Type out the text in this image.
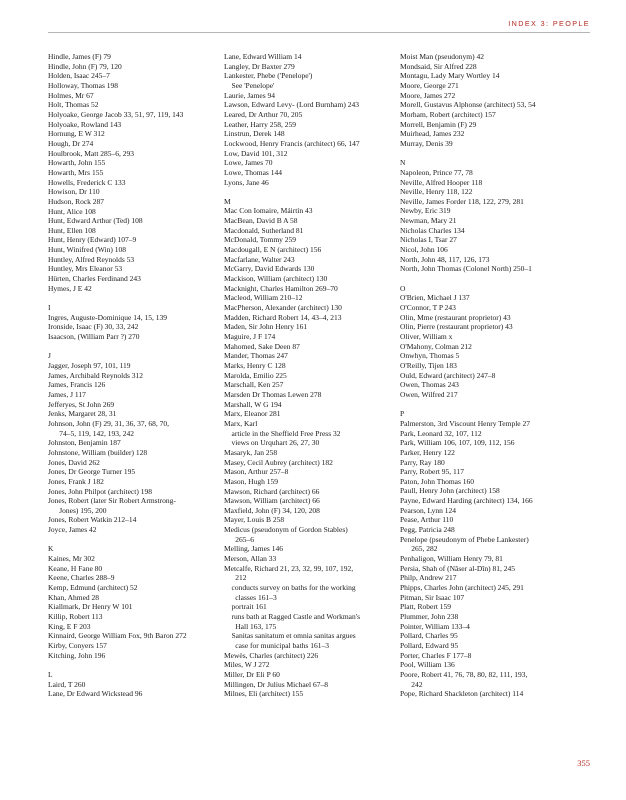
INDEX 3: PEOPLE
Hindle, James (F) 79
Hindle, John (F) 79, 120
Holden, Isaac 245–7
Holloway, Thomas 198
Holmes, Mr 67
Holt, Thomas 52
Holyoake, George Jacob 33, 51, 97, 119, 143
Holyoake, Rowland 143
Hornung, E W 312
Hough, Dr 274
Houlbrook, Matt 285–6, 293
Howarth, John 155
Howarth, Mrs 155
Howells, Frederick C 133
Howison, Dr 110
Hudson, Rock 287
Hunt, Alice 108
Hunt, Edward Arthur (Ted) 108
Hunt, Ellen 108
Hunt, Henry (Edward) 107–9
Hunt, Winifred (Win) 108
Huntley, Alfred Reynolds 53
Huntley, Mrs Eleanor 53
Hürten, Charles Ferdinand 243
Hymes, J E 42
I
Ingres, Auguste-Dominique 14, 15, 139
Ironside, Isaac (F) 30, 33, 242
Isaacson, (William Parr ?) 270
J
Jagger, Joseph 97, 101, 119
James, Archibald Reynolds 312
James, Francis 126
James, J 117
Jefferyes, St John 269
Jenks, Margaret 28, 31
Johnson, John (F) 29, 31, 36, 37, 68, 70,
74–5, 119, 142, 193, 242
Johnston, Benjamin 187
Johnstone, William (builder) 128
Jones, David 262
Jones, Dr George Turner 195
Jones, Frank J 182
Jones, John Philpot (architect) 198
Jones, Robert (later Sir Robert Armstrong-
Jones) 195, 200
Jones, Robert Watkin 212–14
Joyce, James 42
K
Kaines, Mr 302
Keane, H Fane 80
Keene, Charles 288–9
Kemp, Edmund (architect) 52
Khan, Ahmed 28
Kiallmark, Dr Henry W 101
Killip, Robert 113
King, E F 203
Kinnaird, George William Fox, 9th Baron 272
Kirby, Conyers 157
Kitching, John 196
L
Laird, T 260
Lane, Dr Edward Wickstead 96
Lane, Edward William 14
Langley, Dr Baxter 279
Lankester, Phebe ('Penelope')
See 'Penelope'
Laurie, James 94
Lawson, Edward Levy- (Lord Burnham) 243
Leared, Dr Arthur 70, 205
Leather, Harry 258, 259
Linstrun, Derek 148
Lockwood, Henry Francis (architect) 66, 147
Low, David 101, 312
Lowe, James 70
Lowe, Thomas 144
Lyons, Jane 46
M
Mac Con Iomaire, Máirtín 43
MacBean, David B A 58
Macdonald, Sutherland 81
McDonald, Tommy 259
Macdougall, E N (architect) 156
Macfarlane, Walter 243
McGarry, David Edwards 130
Mackison, William (architect) 130
Macknight, Charles Hamilton 269–70
Macleod, William 210–12
MacPherson, Alexander (architect) 130
Madden, Richard Robert 14, 43–4, 213
Maden, Sir John Henry 161
Maguire, J F 174
Mahomed, Sake Deen 87
Mander, Thomas 247
Marks, Henry C 128
Marolda, Emilio 225
Marschall, Ken 257
Marsden Dr Thomas Lewen 278
Marshall, W G 194
Marx, Eleanor 281
Marx, Karl
article in the Sheffield Free Press 32
views on Urquhart 26, 27, 30
Masaryk, Jan 258
Masey, Cecil Aubrey (architect) 182
Mason, Arthur 257–8
Mason, Hugh 159
Mawson, Richard (architect) 66
Mawson, William (architect) 66
Maxfield, John (F) 34, 120, 208
Mayer, Louis B 258
Medicus (pseudonym of Gordon Stables)
265–6
Melling, James 146
Merson, Allan 33
Metcalfe, Richard 21, 23, 32, 99, 107, 192,
212
conducts survey on baths for the working
classes 161–3
portrait 161
runs bath at Ragged Castle and Workman's
Hall 163, 175
Sanitas sanitatum et omnia sanitas argues
case for municipal baths 161–3
Mewès, Charles (architect) 226
Miles, W J 272
Miller, Dr Eli P 60
Millingen, Dr Julius Michael 67–8
Milnes, Eli (architect) 155
Moist Man (pseudonym) 42
Mondsaid, Sir Alfred 228
Montagu, Lady Mary Wortley 14
Moore, George 271
Moore, James 272
Morell, Gustavus Alphonse (architect) 53, 54
Morham, Robert (architect) 157
Morrell, Benjamin (F) 29
Muirhead, James 232
Murray, Denis 39
N
Napoleon, Prince 77, 78
Neville, Alfred Hooper 118
Neville, Henry 118, 122
Neville, James Forder 118, 122, 279, 281
Newby, Eric 319
Newman, Mary 21
Nicholas Charles 134
Nicholas I, Tsar 27
Nicol, John 106
North, John 48, 117, 126, 173
North, John Thomas (Colonel North) 250–1
O
O'Brien, Michael J 137
O'Connor, T P 243
Olin, Mme (restaurant proprietor) 43
Olin, Pierre (restaurant proprietor) 43
Oliver, William x
O'Mahony, Colman 212
Onwhyn, Thomas 5
O'Reilly, Tijen 183
Ould, Edward (architect) 247–8
Owen, Thomas 243
Owen, Wilfred 217
P
Palmerston, 3rd Viscount Henry Temple 27
Park, Leonard 32, 107, 112
Park, William 106, 107, 109, 112, 156
Parker, Henry 122
Parry, Ray 180
Parry, Robert 95, 117
Paton, John Thomas 160
Paull, Henry John (architect) 158
Payne, Edward Harding (architect) 134, 166
Pearson, Lynn 124
Pease, Arthur 110
Pegg, Patricia 248
Penelope (pseudonym of Phebe Lankester)
265, 282
Penhaligon, William Henry 79, 81
Persia, Shah of (Nâser al-Dîn) 81, 245
Philp, Andrew 217
Phipps, Charles John (architect) 245, 291
Pitman, Sir Isaac 107
Platt, Robert 159
Plummer, John 238
Pointer, William 133–4
Pollard, Charles 95
Pollard, Edward 95
Porter, Charles F 177–8
Pool, William 136
Poore, Robert 41, 76, 78, 80, 82, 111, 193,
242
Pope, Richard Shackleton (architect) 114
355
